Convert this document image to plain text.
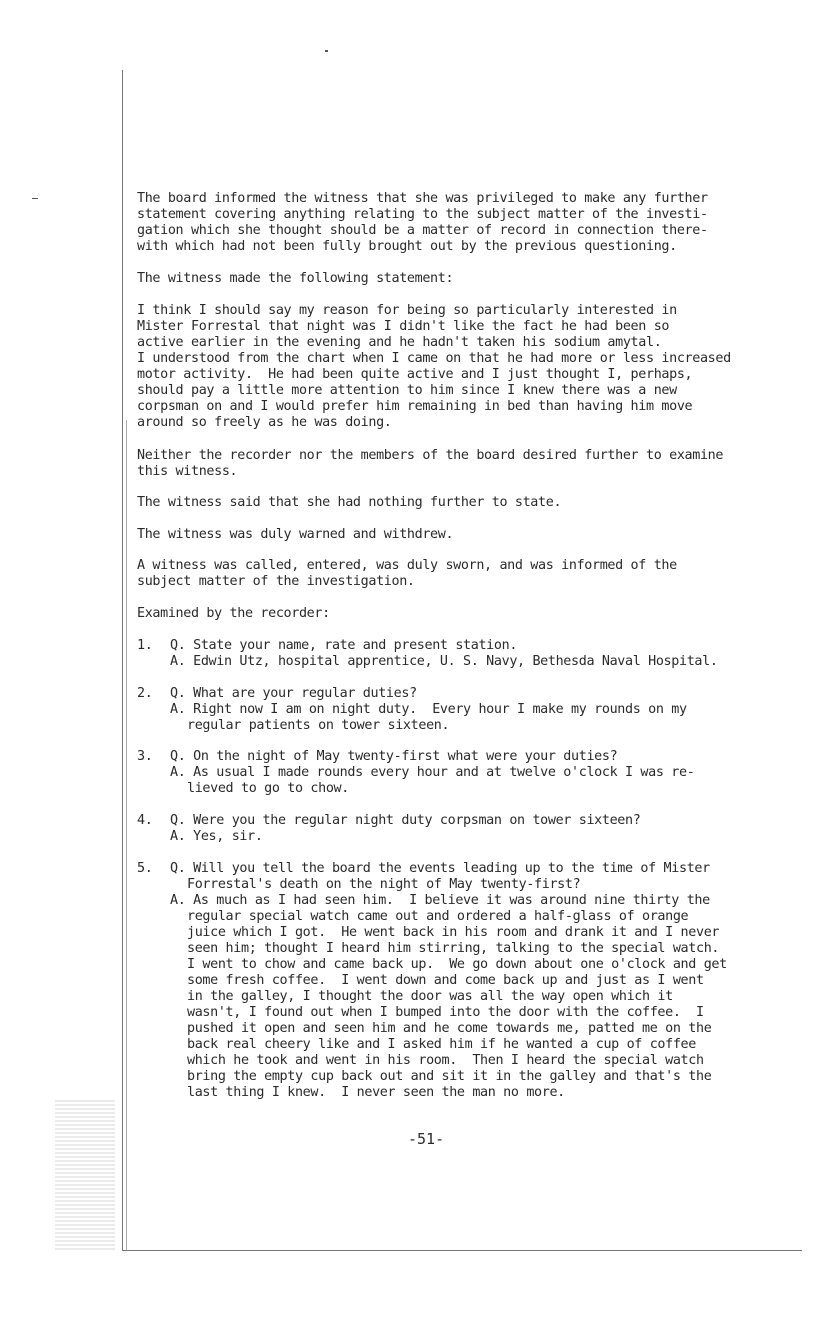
The board informed the witness that she was privileged to make any further
statement covering anything relating to the subject matter of the investi-
gation which she thought should be a matter of record in connection there-
with which had not been fully brought out by the previous questioning.
The witness made the following statement:
I think I should say my reason for being so particularly interested in
Mister Forrestal that night was I didn't like the fact he had been so
active earlier in the evening and he hadn't taken his sodium amytal.
I understood from the chart when I came on that he had more or less increased
motor activity.  He had been quite active and I just thought I, perhaps,
should pay a little more attention to him since I knew there was a new
corpsman on and I would prefer him remaining in bed than having him move
around so freely as he was doing.
Neither the recorder nor the members of the board desired further to examine
this witness.
The witness said that she had nothing further to state.
The witness was duly warned and withdrew.
A witness was called, entered, was duly sworn, and was informed of the
subject matter of the investigation.
Examined by the recorder:
1. Q. State your name, rate and present station.
A. Edwin Utz, hospital apprentice, U. S. Navy, Bethesda Naval Hospital.
2. Q. What are your regular duties?
A. Right now I am on night duty.  Every hour I make my rounds on my
regular patients on tower sixteen.
3. Q. On the night of May twenty-first what were your duties?
A. As usual I made rounds every hour and at twelve o'clock I was re-
lieved to go to chow.
4. Q. Were you the regular night duty corpsman on tower sixteen?
A. Yes, sir.
5. Q. Will you tell the board the events leading up to the time of Mister
Forrestal's death on the night of May twenty-first?
A. As much as I had seen him.  I believe it was around nine thirty the
regular special watch came out and ordered a half-glass of orange
juice which I got.  He went back in his room and drank it and I never
seen him; thought I heard him stirring, talking to the special watch.
I went to chow and came back up.  We go down about one o'clock and get
some fresh coffee.  I went down and come back up and just as I went
in the galley, I thought the door was all the way open which it
wasn't, I found out when I bumped into the door with the coffee.  I
pushed it open and seen him and he come towards me, patted me on the
back real cheery like and I asked him if he wanted a cup of coffee
which he took and went in his room.  Then I heard the special watch
bring the empty cup back out and sit it in the galley and that's the
last thing I knew.  I never seen the man no more.
-51-
